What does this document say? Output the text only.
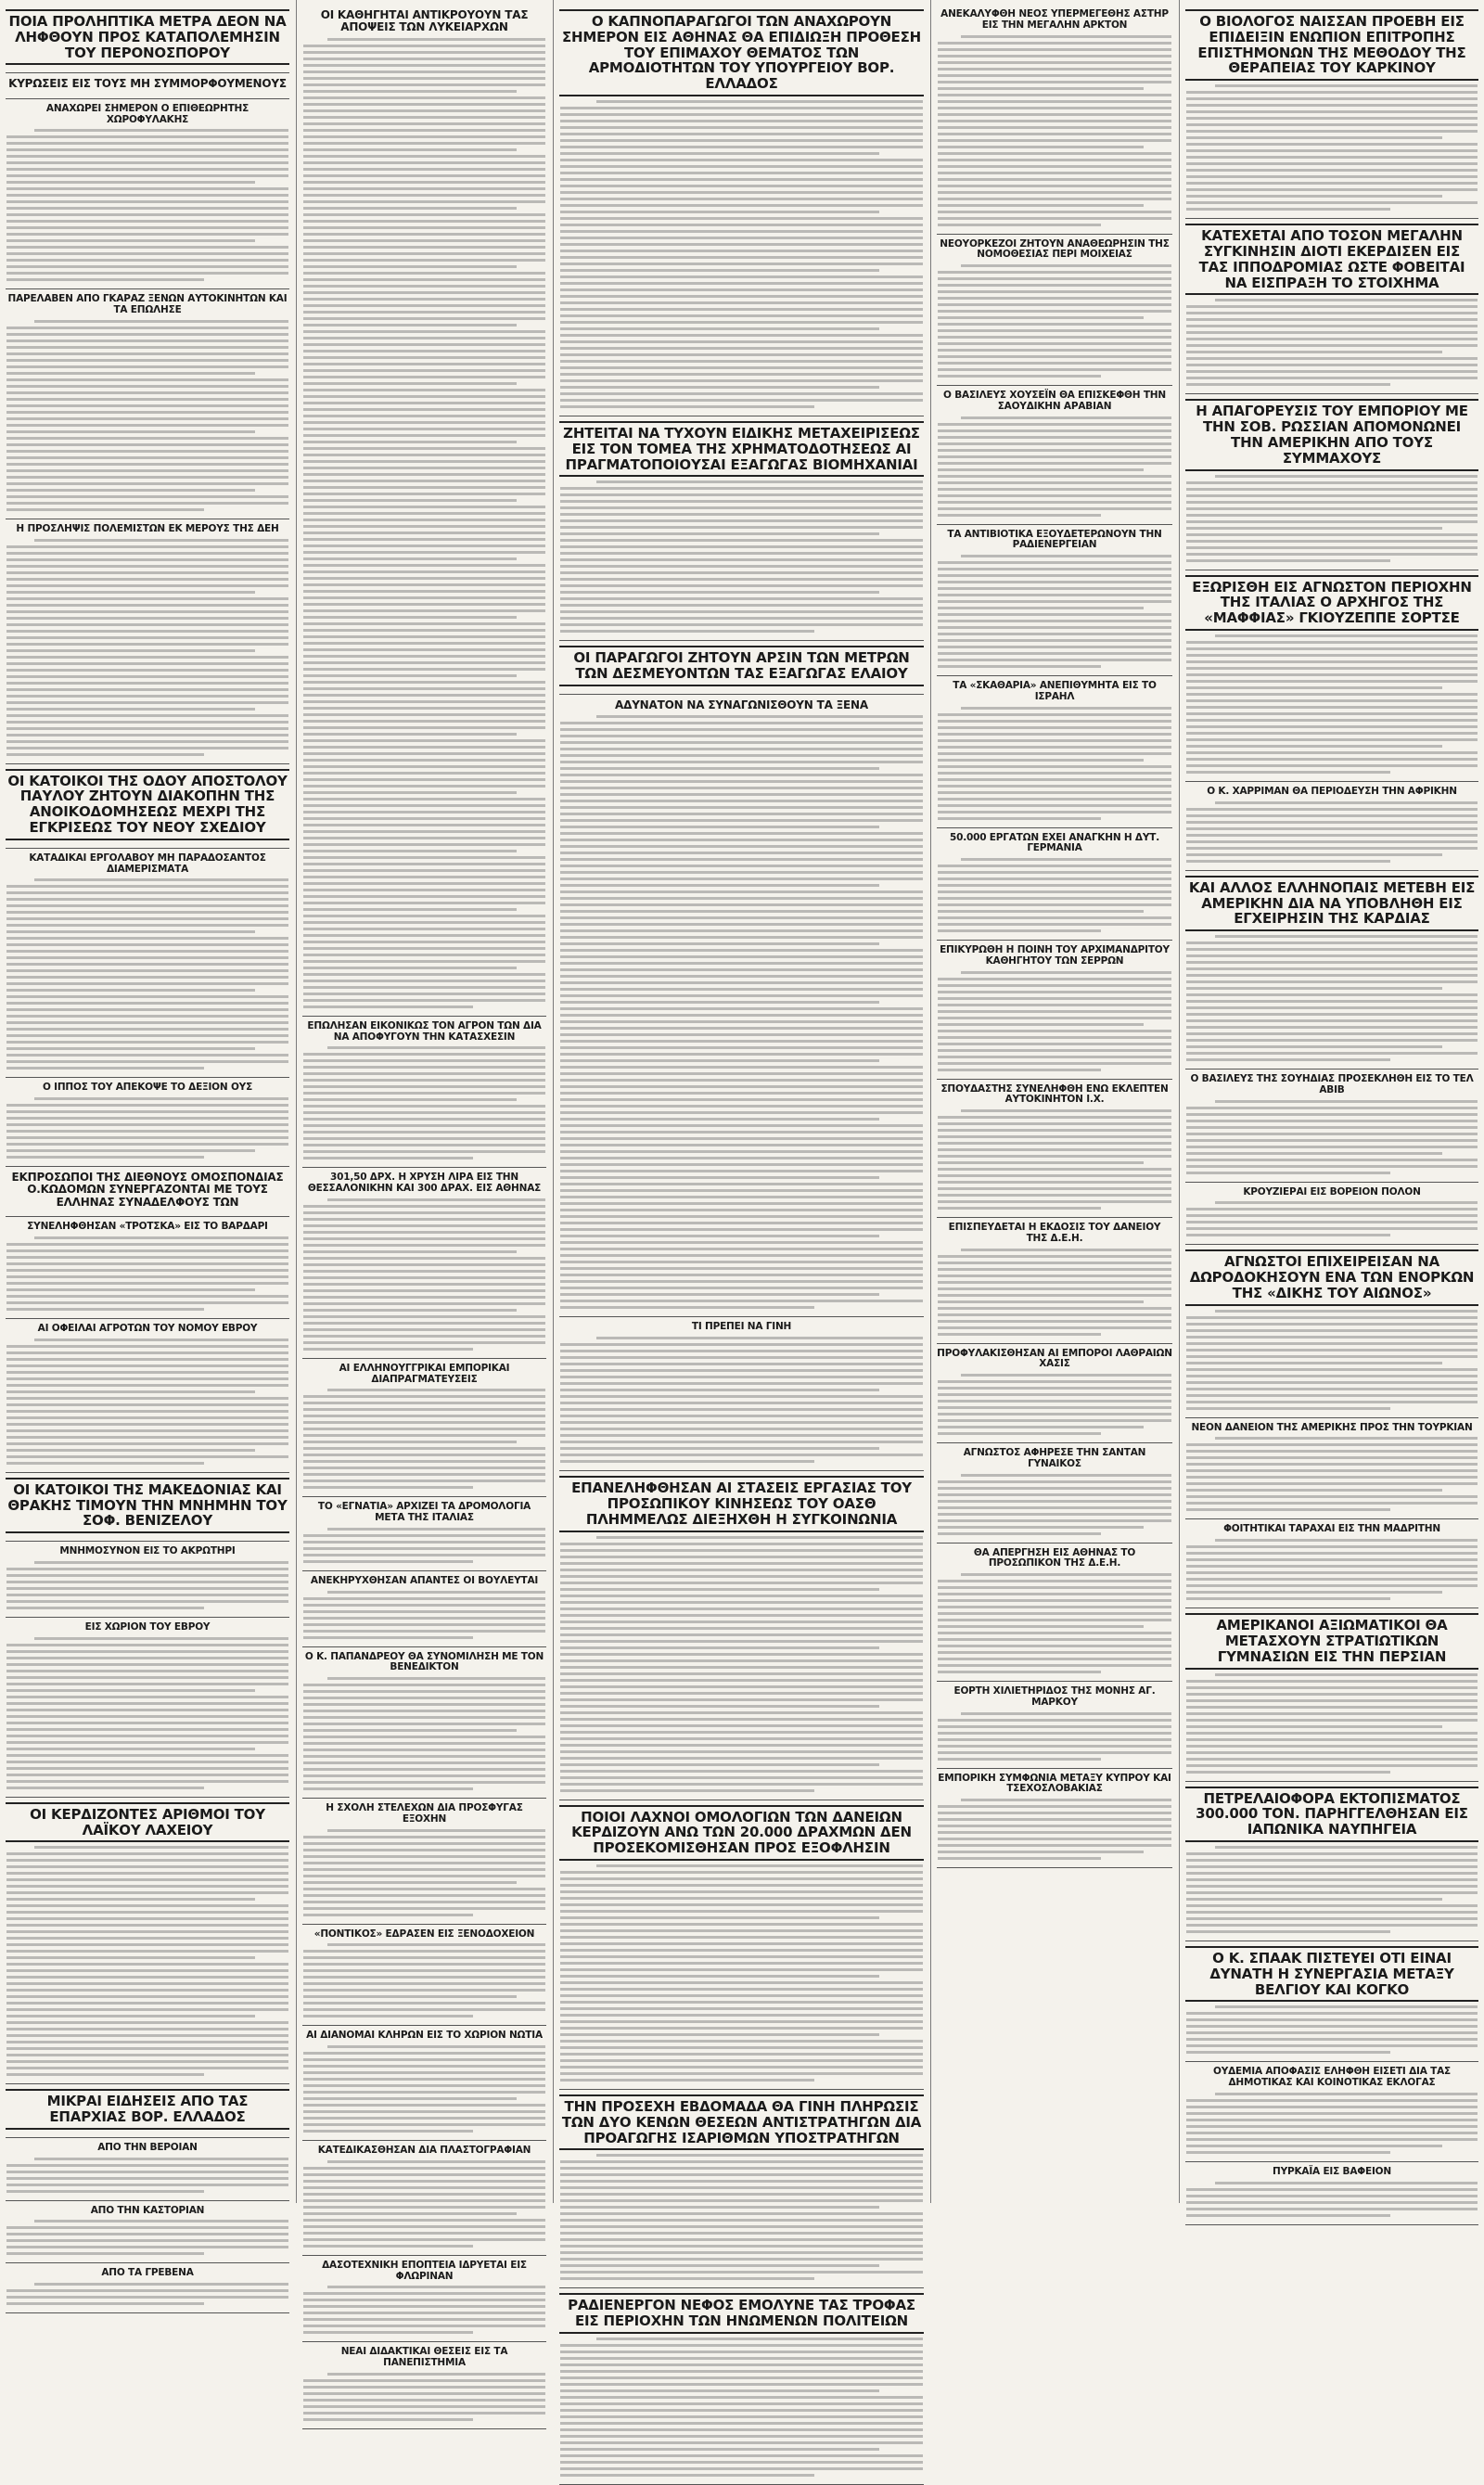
ΠΟΙΑ ΠΡΟΛΗΠΤΙΚΑ ΜΕΤΡΑ ΔΕΟΝ ΝΑ ΛΗΦΘΟΥΝ ΠΡΟΣ ΚΑΤΑΠΟΛΕΜΗΣΙΝ ΤΟΥ ΠΕΡΟΝΟΣΠΟΡΟΥ
ΚΥΡΩΣΕΙΣ ΕΙΣ ΤΟΥΣ ΜΗ ΣΥΜΜΟΡΦΟΥΜΕΝΟΥΣ
ΑΝΑΧΩΡΕΙ ΣΗΜΕΡΟΝ Ο ΕΠΙΘΕΩΡΗΤΗΣ ΧΩΡΟΦΥΛΑΚΗΣ
ΠΑΡΕΛΑΒΕΝ ΑΠΟ ΓΚΑΡΑΖ ΞΕΝΩΝ ΑΥΤΟΚΙΝΗΤΩΝ ΚΑΙ ΤΑ ΕΠΩΛΗΣΕ
Η ΠΡΟΣΛΗΨΙΣ ΠΟΛΕΜΙΣΤΩΝ ΕΚ ΜΕΡΟΥΣ ΤΗΣ ΔΕΗ
ΟΙ ΚΑΤΟΙΚΟΙ ΤΗΣ ΟΔΟΥ ΑΠΟΣΤΟΛΟΥ ΠΑΥΛΟΥ ΖΗΤΟΥΝ ΔΙΑΚΟΠΗΝ ΤΗΣ ΑΝΟΙΚΟΔΟΜΗΣΕΩΣ ΜΕΧΡΙ ΤΗΣ ΕΓΚΡΙΣΕΩΣ ΤΟΥ ΝΕΟΥ ΣΧΕΔΙΟΥ
ΚΑΤΑΔΙΚΑΙ ΕΡΓΟΛΑΒΟΥ ΜΗ ΠΑΡΑΔΟΣΑΝΤΟΣ ΔΙΑΜΕΡΙΣΜΑΤΑ
Ο ΙΠΠΟΣ ΤΟΥ ΑΠΕΚΟΨΕ ΤΟ ΔΕΞΙΟΝ ΟΥΣ
ΕΚΠΡΟΣΩΠΟΙ ΤΗΣ ΔΙΕΘΝΟΥΣ ΟΜΟΣΠΟΝΔΙΑΣ Ο.ΚΩΔΟΜΩΝ ΣΥΝΕΡΓΑΖΟΝΤΑΙ ΜΕ ΤΟΥΣ ΕΛΛΗΝΑΣ ΣΥΝΑΔΕΛΦΟΥΣ ΤΩΝ
ΣΥΝΕΛΗΦΘΗΣΑΝ «ΤΡΟΤΣΚΑ» ΕΙΣ ΤΟ ΒΑΡΔΑΡΙ
ΑΙ ΟΦΕΙΛΑΙ ΑΓΡΟΤΩΝ ΤΟΥ ΝΟΜΟΥ ΕΒΡΟΥ
ΟΙ ΚΑΤΟΙΚΟΙ ΤΗΣ ΜΑΚΕΔΟΝΙΑΣ ΚΑΙ ΘΡΑΚΗΣ ΤΙΜΟΥΝ ΤΗΝ ΜΝΗΜΗΝ ΤΟΥ ΣΟΦ. ΒΕΝΙΖΕΛΟΥ
ΜΝΗΜΟΣΥΝΟΝ ΕΙΣ ΤΟ ΑΚΡΩΤΗΡΙ
ΕΙΣ ΧΩΡΙΟΝ ΤΟΥ ΕΒΡΟΥ
ΟΙ ΚΕΡΔΙΖΟΝΤΕΣ ΑΡΙΘΜΟΙ ΤΟΥ ΛΑΪΚΟΥ ΛΑΧΕΙΟΥ
ΜΙΚΡΑΙ ΕΙΔΗΣΕΙΣ ΑΠΟ ΤΑΣ ΕΠΑΡΧΙΑΣ ΒΟΡ. ΕΛΛΑΔΟΣ
ΑΠΟ ΤΗΝ ΒΕΡΟΙΑΝ
ΑΠΟ ΤΗΝ ΚΑΣΤΟΡΙΑΝ
ΑΠΟ ΤΑ ΓΡΕΒΕΝΑ
ΟΙ ΚΑΘΗΓΗΤΑΙ ΑΝΤΙΚΡΟΥΟΥΝ ΤΑΣ ΑΠΟΨΕΙΣ ΤΩΝ ΛΥΚΕΙΑΡΧΩΝ
ΕΠΩΛΗΣΑΝ ΕΙΚΟΝΙΚΩΣ ΤΟΝ ΑΓΡΟΝ ΤΩΝ ΔΙΑ ΝΑ ΑΠΟΦΥΓΟΥΝ ΤΗΝ ΚΑΤΑΣΧΕΣΙΝ
301,50 ΔΡΧ. Η ΧΡΥΣΗ ΛΙΡΑ ΕΙΣ ΤΗΝ ΘΕΣΣΑΛΟΝΙΚΗΝ ΚΑΙ 300 ΔΡΑΧ. ΕΙΣ ΑΘΗΝΑΣ
ΑΙ ΕΛΛΗΝΟΥΓΓΡΙΚΑΙ ΕΜΠΟΡΙΚΑΙ ΔΙΑΠΡΑΓΜΑΤΕΥΣΕΙΣ
ΤΟ «ΕΓΝΑΤΙΑ» ΑΡΧΙΖΕΙ ΤΑ ΔΡΟΜΟΛΟΓΙΑ ΜΕΤΑ ΤΗΣ ΙΤΑΛΙΑΣ
ΑΝΕΚΗΡΥΧΘΗΣΑΝ ΑΠΑΝΤΕΣ ΟΙ ΒΟΥΛΕΥΤΑΙ
Ο Κ. ΠΑΠΑΝΔΡΕΟΥ ΘΑ ΣΥΝΟΜΙΛΗΣΗ ΜΕ ΤΟΝ ΒΕΝΕΔΙΚΤΟΝ
Η ΣΧΟΛΗ ΣΤΕΛΕΧΩΝ ΔΙΑ ΠΡΟΣΦΥΓΑΣ ΕΞΟΧΗΝ
«ΠΟΝΤΙΚΟΣ» ΕΔΡΑΣΕΝ ΕΙΣ ΞΕΝΟΔΟΧΕΙΟΝ
ΑΙ ΔΙΑΝΟΜΑΙ ΚΛΗΡΩΝ ΕΙΣ ΤΟ ΧΩΡΙΟΝ ΝΩΤΙΑ
ΚΑΤΕΔΙΚΑΣΘΗΣΑΝ ΔΙΑ ΠΛΑΣΤΟΓΡΑΦΙΑΝ
ΔΑΣΟΤΕΧΝΙΚΗ ΕΠΟΠΤΕΙΑ ΙΔΡΥΕΤΑΙ ΕΙΣ ΦΛΩΡΙΝΑΝ
ΝΕΑΙ ΔΙΔΑΚΤΙΚΑΙ ΘΕΣΕΙΣ ΕΙΣ ΤΑ ΠΑΝΕΠΙΣΤΗΜΙΑ
Ο ΚΑΠΝΟΠΑΡΑΓΩΓΟΙ ΤΩΝ ΑΝΑΧΩΡΟΥΝ ΣΗΜΕΡΟΝ ΕΙΣ ΑΘΗΝΑΣ ΘΑ ΕΠΙΔΙΩΞΗ ΠΡΟΘΕΣΗ ΤΟΥ ΕΠΙΜΑΧΟΥ ΘΕΜΑΤΟΣ ΤΩΝ ΑΡΜΟΔΙΟΤΗΤΩΝ ΤΟΥ ΥΠΟΥΡΓΕΙΟΥ ΒΟΡ. ΕΛΛΑΔΟΣ
ΖΗΤΕΙΤΑΙ ΝΑ ΤΥΧΟΥΝ ΕΙΔΙΚΗΣ ΜΕΤΑΧΕΙΡΙΣΕΩΣ ΕΙΣ ΤΟΝ ΤΟΜΕΑ ΤΗΣ ΧΡΗΜΑΤΟΔΟΤΗΣΕΩΣ ΑΙ ΠΡΑΓΜΑΤΟΠΟΙΟΥΣΑΙ ΕΞΑΓΩΓΑΣ ΒΙΟΜΗΧΑΝΙΑΙ
ΟΙ ΠΑΡΑΓΩΓΟΙ ΖΗΤΟΥΝ ΑΡΣΙΝ ΤΩΝ ΜΕΤΡΩΝ ΤΩΝ ΔΕΣΜΕΥΟΝΤΩΝ ΤΑΣ ΕΞΑΓΩΓΑΣ ΕΛΑΙΟΥ
ΑΔΥΝΑΤΟΝ ΝΑ ΣΥΝΑΓΩΝΙΣΘΟΥΝ ΤΑ ΞΕΝΑ
ΤΙ ΠΡΕΠΕΙ ΝΑ ΓΙΝΗ
ΕΠΑΝΕΛΗΦΘΗΣΑΝ ΑΙ ΣΤΑΣΕΙΣ ΕΡΓΑΣΙΑΣ ΤΟΥ ΠΡΟΣΩΠΙΚΟΥ ΚΙΝΗΣΕΩΣ ΤΟΥ ΟΑΣΘ ΠΛΗΜΜΕΛΩΣ ΔΙΕΞΗΧΘΗ Η ΣΥΓΚΟΙΝΩΝΙΑ
ΠΟΙΟΙ ΛΑΧΝΟΙ ΟΜΟΛΟΓΙΩΝ ΤΩΝ ΔΑΝΕΙΩΝ ΚΕΡΔΙΖΟΥΝ ΑΝΩ ΤΩΝ 20.000 ΔΡΑΧΜΩΝ ΔΕΝ ΠΡΟΣΕΚΟΜΙΣΘΗΣΑΝ ΠΡΟΣ ΕΞΟΦΛΗΣΙΝ
ΤΗΝ ΠΡΟΣΕΧΗ ΕΒΔΟΜΑΔΑ ΘΑ ΓΙΝΗ ΠΛΗΡΩΣΙΣ ΤΩΝ ΔΥΟ ΚΕΝΩΝ ΘΕΣΕΩΝ ΑΝΤΙΣΤΡΑΤΗΓΩΝ ΔΙΑ ΠΡΟΑΓΩΓΗΣ ΙΣΑΡΙΘΜΩΝ ΥΠΟΣΤΡΑΤΗΓΩΝ
ΡΑΔΙΕΝΕΡΓΟΝ ΝΕΦΟΣ ΕΜΟΛΥΝΕ ΤΑΣ ΤΡΟΦΑΣ ΕΙΣ ΠΕΡΙΟΧΗΝ ΤΩΝ ΗΝΩΜΕΝΩΝ ΠΟΛΙΤΕΙΩΝ
ΑΝΕΚΑΛΥΦΘΗ ΝΕΟΣ ΥΠΕΡΜΕΓΕΘΗΣ ΑΣΤΗΡ ΕΙΣ ΤΗΝ ΜΕΓΑΛΗΝ ΑΡΚΤΟΝ
ΝΕΟΥΟΡΚΕΖΟΙ ΖΗΤΟΥΝ ΑΝΑΘΕΩΡΗΣΙΝ ΤΗΣ ΝΟΜΟΘΕΣΙΑΣ ΠΕΡΙ ΜΟΙΧΕΙΑΣ
Ο ΒΑΣΙΛΕΥΣ ΧΟΥΣΕΪΝ ΘΑ ΕΠΙΣΚΕΦΘΗ ΤΗΝ ΣΑΟΥΔΙΚΗΝ ΑΡΑΒΙΑΝ
ΤΑ ΑΝΤΙΒΙΟΤΙΚΑ ΕΞΟΥΔΕΤΕΡΩΝΟΥΝ ΤΗΝ ΡΑΔΙΕΝΕΡΓΕΙΑΝ
ΤΑ «ΣΚΑΘΑΡΙΑ» ΑΝΕΠΙΘΥΜΗΤΑ ΕΙΣ ΤΟ ΙΣΡΑΗΛ
50.000 ΕΡΓΑΤΩΝ ΕΧΕΙ ΑΝΑΓΚΗΝ Η ΔΥΤ. ΓΕΡΜΑΝΙΑ
ΕΠΙΚΥΡΩΘΗ Η ΠΟΙΝΗ ΤΟΥ ΑΡΧΙΜΑΝΔΡΙΤΟΥ ΚΑΘΗΓΗΤΟΥ ΤΩΝ ΣΕΡΡΩΝ
ΣΠΟΥΔΑΣΤΗΣ ΣΥΝΕΛΗΦΘΗ ΕΝΩ ΕΚΛΕΠΤΕΝ ΑΥΤΟΚΙΝΗΤΟΝ Ι.Χ.
ΕΠΙΣΠΕΥΔΕΤΑΙ Η ΕΚΔΟΣΙΣ ΤΟΥ ΔΑΝΕΙΟΥ ΤΗΣ Δ.Ε.Η.
ΠΡΟΦΥΛΑΚΙΣΘΗΣΑΝ ΑΙ ΕΜΠΟΡΟΙ ΛΑΘΡΑΙΩΝ ΧΑΣΙΣ
ΑΓΝΩΣΤΟΣ ΑΦΗΡΕΣΕ ΤΗΝ ΣΑΝΤΑΝ ΓΥΝΑΙΚΟΣ
ΘΑ ΑΠΕΡΓΗΣΗ ΕΙΣ ΑΘΗΝΑΣ ΤΟ ΠΡΟΣΩΠΙΚΟΝ ΤΗΣ Δ.Ε.Η.
ΕΟΡΤΗ ΧΙΛΙΕΤΗΡΙΔΟΣ ΤΗΣ ΜΟΝΗΣ ΑΓ. ΜΑΡΚΟΥ
ΕΜΠΟΡΙΚΗ ΣΥΜΦΩΝΙΑ ΜΕΤΑΞΥ ΚΥΠΡΟΥ ΚΑΙ ΤΣΕΧΟΣΛΟΒΑΚΙΑΣ
Ο ΒΙΟΛΟΓΟΣ ΝΑΙΣΣΑΝ ΠΡΟΕΒΗ ΕΙΣ ΕΠΙΔΕΙΞΙΝ ΕΝΩΠΙΟΝ ΕΠΙΤΡΟΠΗΣ ΕΠΙΣΤΗΜΟΝΩΝ ΤΗΣ ΜΕΘΟΔΟΥ ΤΗΣ ΘΕΡΑΠΕΙΑΣ ΤΟΥ ΚΑΡΚΙΝΟΥ
ΚΑΤΕΧΕΤΑΙ ΑΠΟ ΤΟΣΟΝ ΜΕΓΑΛΗΝ ΣΥΓΚΙΝΗΣΙΝ ΔΙΟΤΙ ΕΚΕΡΔΙΣΕΝ ΕΙΣ ΤΑΣ ΙΠΠΟΔΡΟΜΙΑΣ ΩΣΤΕ ΦΟΒΕΙΤΑΙ ΝΑ ΕΙΣΠΡΑΞΗ ΤΟ ΣΤΟΙΧΗΜΑ
Η ΑΠΑΓΟΡΕΥΣΙΣ ΤΟΥ ΕΜΠΟΡΙΟΥ ΜΕ ΤΗΝ ΣΟΒ. ΡΩΣΣΙΑΝ ΑΠΟΜΟΝΩΝΕΙ ΤΗΝ ΑΜΕΡΙΚΗΝ ΑΠΟ ΤΟΥΣ ΣΥΜΜΑΧΟΥΣ
ΕΞΩΡΙΣΘΗ ΕΙΣ ΑΓΝΩΣΤΟΝ ΠΕΡΙΟΧΗΝ ΤΗΣ ΙΤΑΛΙΑΣ Ο ΑΡΧΗΓΟΣ ΤΗΣ «ΜΑΦΦΙΑΣ» ΓΚΙΟΥΖΕΠΠΕ ΣΟΡΤΣΕ
Ο Κ. ΧΑΡΡΙΜΑΝ ΘΑ ΠΕΡΙΟΔΕΥΣΗ ΤΗΝ ΑΦΡΙΚΗΝ
ΚΑΙ ΑΛΛΟΣ ΕΛΛΗΝΟΠΑΙΣ ΜΕΤΕΒΗ ΕΙΣ ΑΜΕΡΙΚΗΝ ΔΙΑ ΝΑ ΥΠΟΒΛΗΘΗ ΕΙΣ ΕΓΧΕΙΡΗΣΙΝ ΤΗΣ ΚΑΡΔΙΑΣ
Ο ΒΑΣΙΛΕΥΣ ΤΗΣ ΣΟΥΗΔΙΑΣ ΠΡΟΣΕΚΛΗΘΗ ΕΙΣ ΤΟ ΤΕΛ ΑΒΙΒ
ΚΡΟΥΖΙΕΡΑΙ ΕΙΣ ΒΟΡΕΙΟΝ ΠΟΛΟΝ
ΑΓΝΩΣΤΟΙ ΕΠΙΧΕΙΡΕΙΣΑΝ ΝΑ ΔΩΡΟΔΟΚΗΣΟΥΝ ΕΝΑ ΤΩΝ ΕΝΟΡΚΩΝ ΤΗΣ «ΔΙΚΗΣ ΤΟΥ ΑΙΩΝΟΣ»
ΝΕΟΝ ΔΑΝΕΙΟΝ ΤΗΣ ΑΜΕΡΙΚΗΣ ΠΡΟΣ ΤΗΝ ΤΟΥΡΚΙΑΝ
ΦΟΙΤΗΤΙΚΑΙ ΤΑΡΑΧΑΙ ΕΙΣ ΤΗΝ ΜΑΔΡΙΤΗΝ
ΑΜΕΡΙΚΑΝΟΙ ΑΞΙΩΜΑΤΙΚΟΙ ΘΑ ΜΕΤΑΣΧΟΥΝ ΣΤΡΑΤΙΩΤΙΚΩΝ ΓΥΜΝΑΣΙΩΝ ΕΙΣ ΤΗΝ ΠΕΡΣΙΑΝ
ΠΕΤΡΕΛΑΙΟΦΟΡΑ ΕΚΤΟΠΙΣΜΑΤΟΣ 300.000 ΤΟΝ. ΠΑΡΗΓΓΕΛΘΗΣΑΝ ΕΙΣ ΙΑΠΩΝΙΚΑ ΝΑΥΠΗΓΕΙΑ
Ο Κ. ΣΠΑΑΚ ΠΙΣΤΕΥΕΙ ΟΤΙ ΕΙΝΑΙ ΔΥΝΑΤΗ Η ΣΥΝΕΡΓΑΣΙΑ ΜΕΤΑΞΥ ΒΕΛΓΙΟΥ ΚΑΙ ΚΟΓΚΟ
ΟΥΔΕΜΙΑ ΑΠΟΦΑΣΙΣ ΕΛΗΦΘΗ ΕΙΣΕΤΙ ΔΙΑ ΤΑΣ ΔΗΜΟΤΙΚΑΣ ΚΑΙ ΚΟΙΝΟΤΙΚΑΣ ΕΚΛΟΓΑΣ
ΠΥΡΚΑΪΑ ΕΙΣ ΒΑΦΕΙΟΝ
